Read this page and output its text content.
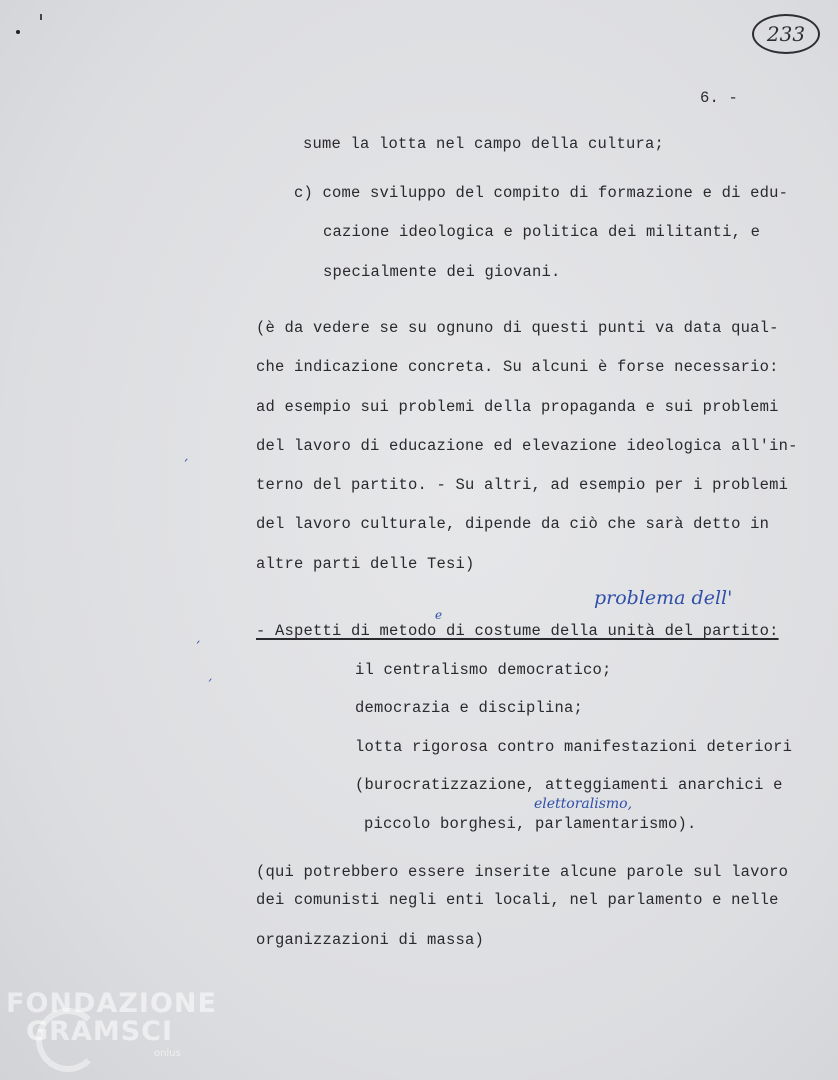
233
6. -
sume la lotta nel campo della cultura;
c) come sviluppo del compito di formazione e di edu-
cazione ideologica e politica dei militanti, e
specialmente dei giovani.
(è da vedere se su ognuno di questi punti va data qual-
che indicazione concreta. Su alcuni è forse necessario:
ad esempio sui problemi della propaganda e sui problemi
del lavoro di educazione ed elevazione ideologica all'in-
terno del partito. - Su altri, ad esempio per i problemi
del lavoro culturale, dipende da ciò che sarà detto in
altre parti delle Tesi)
problema dell'
e
- Aspetti di metodo di costume della unità del partito:
il centralismo democratico;
democrazia e disciplina;
lotta rigorosa contro manifestazioni deteriori
(burocratizzazione, atteggiamenti anarchici e
elettoralismo,
piccolo borghesi, parlamentarismo).
(qui potrebbero essere inserite alcune parole sul lavoro
dei comunisti negli enti locali, nel parlamento e nelle
organizzazioni di massa)
ˏ
ˏ
ˏ
FONDAZIONE
GRAMSCI
onlus
